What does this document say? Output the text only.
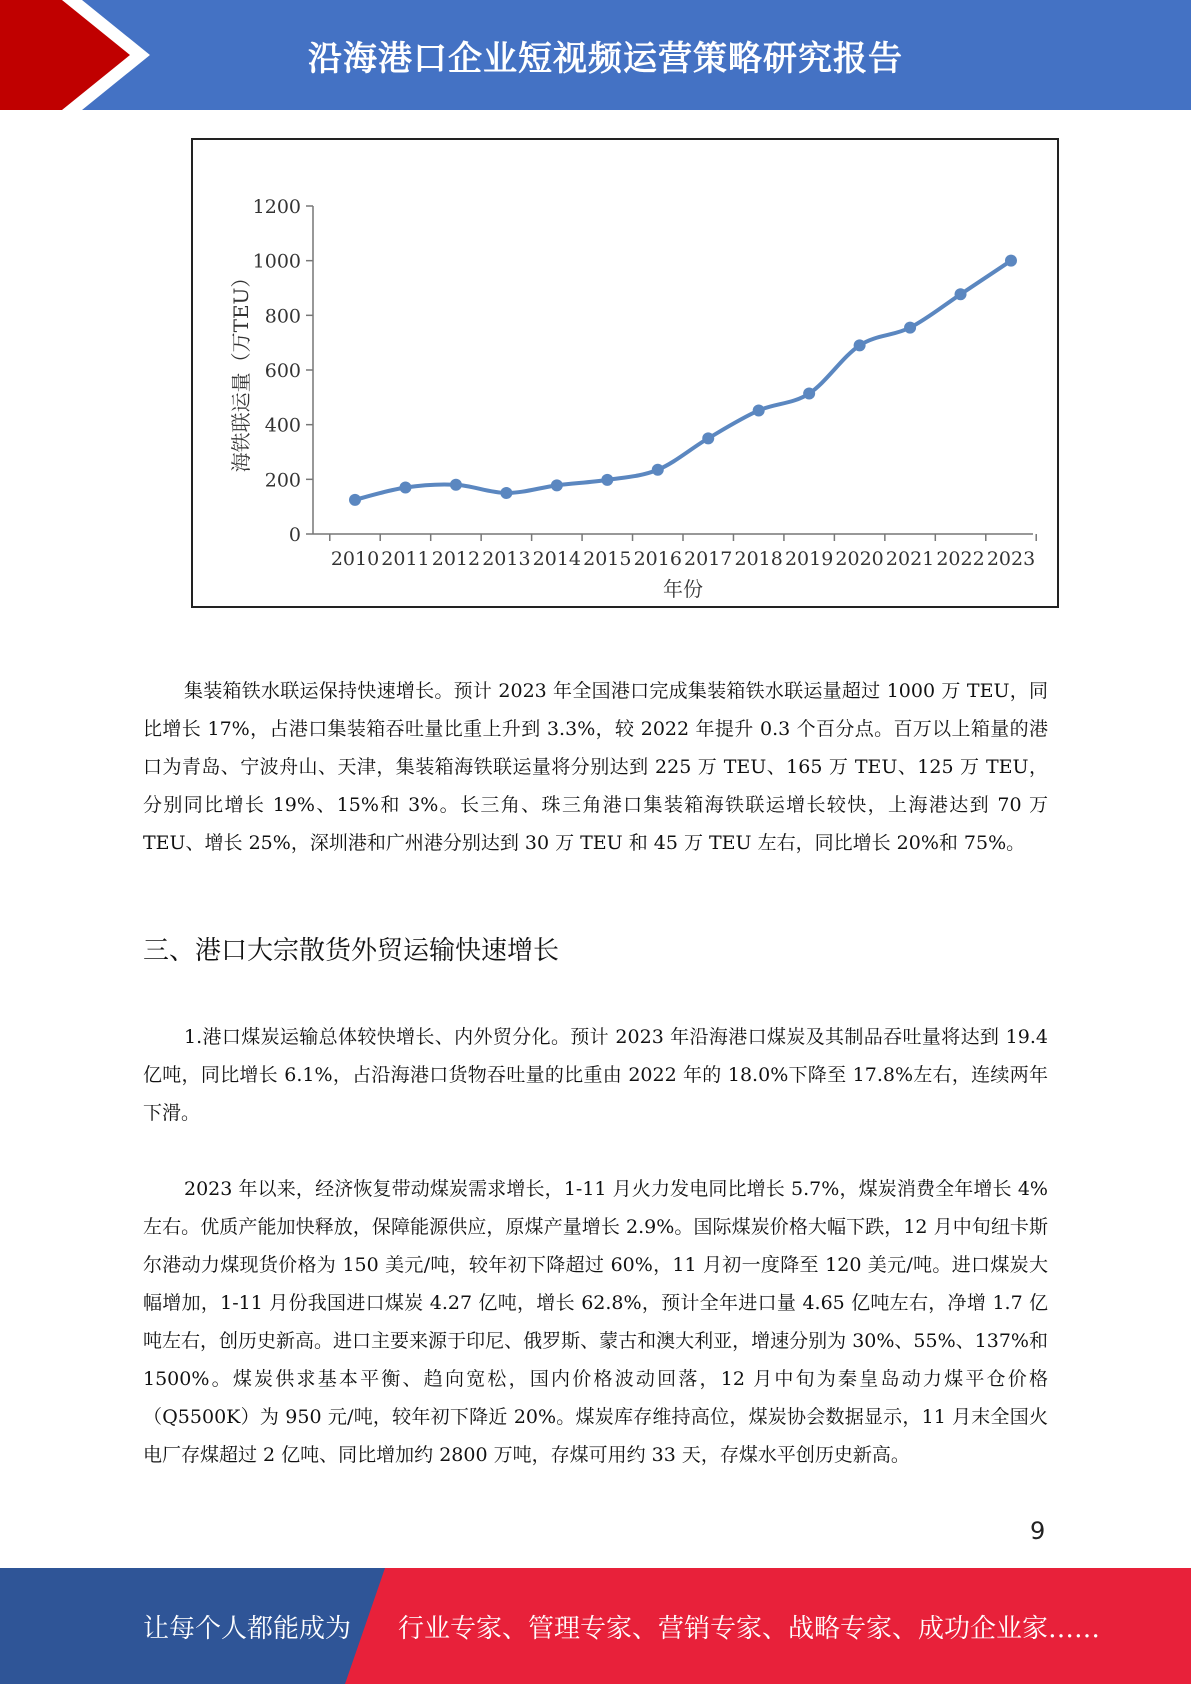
沿海港口企业短视频运营策略研究报告
0
200
400
600
800
1000
1200
2010 2011 2012 2013 2014 2015 2016 2017 2018 2019 2020 2021 2022 2023
海铁联运量（万TEU）
年份

集装箱铁水联运保持快速增长。预计 2023 年全国港口完成集装箱铁水联运量超过 1000 万 TEU，同比增长 17%，占港口集装箱吞吐量比重上升到 3.3%，较 2022 年提升 0.3 个百分点。百万以上箱量的港口为青岛、宁波舟山、天津，集装箱海铁联运量将分别达到 225 万 TEU、165 万 TEU、125 万 TEU，分别同比增长 19%、15%和 3%。长三角、珠三角港口集装箱海铁联运增长较快，上海港达到 70 万 TEU、增长 25%，深圳港和广州港分别达到 30 万 TEU 和 45 万 TEU 左右，同比增长 20%和 75%。

三、港口大宗散货外贸运输快速增长

1.港口煤炭运输总体较快增长、内外贸分化。预计 2023 年沿海港口煤炭及其制品吞吐量将达到 19.4 亿吨，同比增长 6.1%，占沿海港口货物吞吐量的比重由 2022 年的 18.0%下降至 17.8%左右，连续两年下滑。

2023 年以来，经济恢复带动煤炭需求增长，1-11 月火力发电同比增长 5.7%，煤炭消费全年增长 4%左右。优质产能加快释放，保障能源供应，原煤产量增长 2.9%。国际煤炭价格大幅下跌，12 月中旬纽卡斯尔港动力煤现货价格为 150 美元/吨，较年初下降超过 60%，11 月初一度降至 120 美元/吨。进口煤炭大幅增加，1-11 月份我国进口煤炭 4.27 亿吨，增长 62.8%，预计全年进口量 4.65 亿吨左右，净增 1.7 亿吨左右，创历史新高。进口主要来源于印尼、俄罗斯、蒙古和澳大利亚，增速分别为 30%、55%、137%和 1500%。煤炭供求基本平衡、趋向宽松，国内价格波动回落，12 月中旬为秦皇岛动力煤平仓价格（Q5500K）为 950 元/吨，较年初下降近 20%。煤炭库存维持高位，煤炭协会数据显示，11 月末全国火电厂存煤超过 2 亿吨、同比增加约 2800 万吨，存煤可用约 33 天，存煤水平创历史新高。

9
让每个人都能成为 行业专家、管理专家、营销专家、战略专家、成功企业家……
